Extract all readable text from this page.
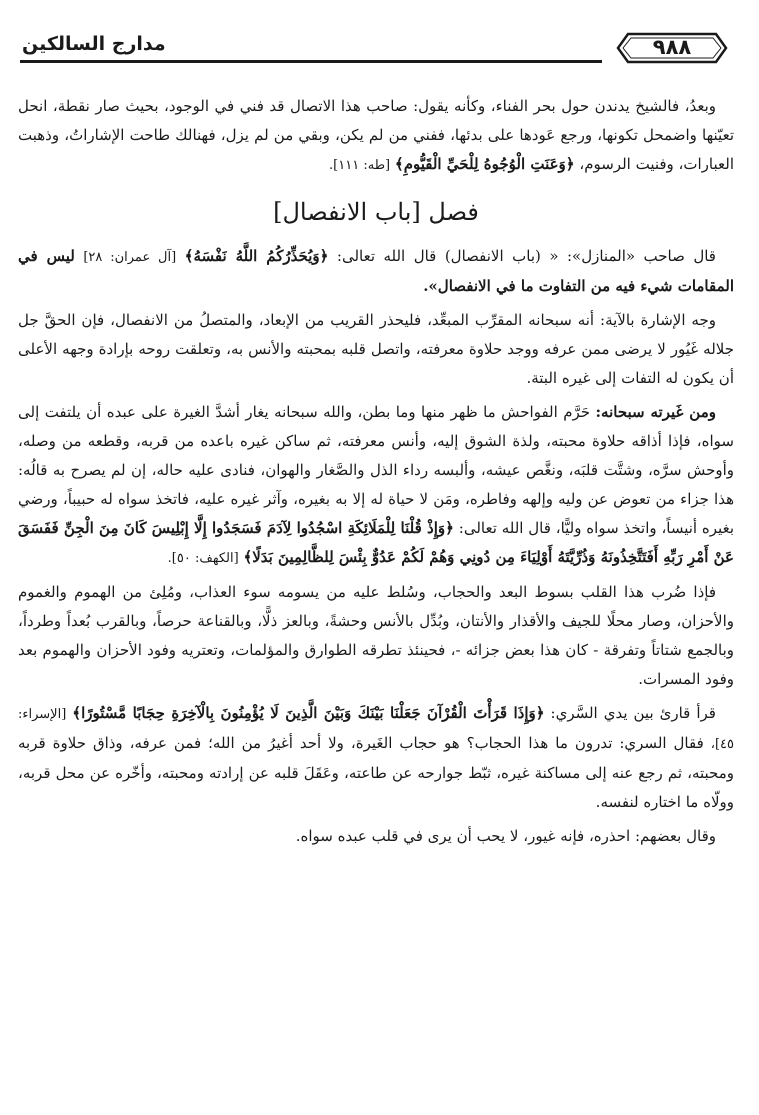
مدارج السالكين	٩٨٨

وبعدُ، فالشيخ يدندن حول بحر الفناء، وكأنه يقول: صاحب هذا الاتصال قد فني في الوجود، بحيث صار نقطة، انحل تعيّنها واضمحل تكونها، ورجع عَودها على بدئها، ففني من لم يكن، وبقي من لم يزل، فهنالك طاحت الإشاراتُ، وذهبت العبارات، وفنيت الرسوم، ﴿وَعَنَتِ الْوُجُوهُ لِلْحَيِّ الْقَيُّومِ﴾ [طه: ١١١].

فصل [باب الانفصال]

قال صاحب «المنازل»: « (باب الانفصال) قال الله تعالى: ﴿وَيُحَذِّرُكُمُ اللَّهُ نَفْسَهُ﴾ [آل عمران: ٢٨] ليس في المقامات شيء فيه من التفاوت ما في الانفصال».

وجه الإشارة بالآية: أنه سبحانه المقرِّب المبعِّد، فليحذر القريب من الإبعاد، والمتصلُ من الانفصال، فإن الحقَّ جل جلاله غَيُور لا يرضى ممن عرفه ووجد حلاوة معرفته، واتصل قلبه بمحبته والأنس به، وتعلقت روحه بإرادة وجهه الأعلى أن يكون له التفات إلى غيره البتة.

ومن غَيرته سبحانه: حَرَّم الفواحش ما ظهر منها وما بطن، والله سبحانه يغار أشدَّ الغيرة على عبده أن يلتفت إلى سواه، فإذا أذاقه حلاوة محبته، ولذة الشوق إليه، وأنس معرفته، ثم ساكن غيره باعده من قربه، وقطعه من وصله، وأوحش سرَّه، وشتَّت قلبَه، ونغَّص عيشه، وألبسه رداء الذل والصَّغار والهوان، فنادى عليه حاله، إن لم يصرح به قالُه: هذا جزاء من تعوض عن وليه وإلهه وفاطره، ومَن لا حياة له إلا به بغيره، وآثر غيره عليه، فاتخذ سواه له حبيباً، ورضي بغيره أنيساً، واتخذ سواه وليًّا، قال الله تعالى: ﴿وَإِذْ قُلْنَا لِلْمَلَائِكَةِ اسْجُدُوا لِآدَمَ فَسَجَدُوا إِلَّا إِبْلِيسَ كَانَ مِنَ الْجِنِّ فَفَسَقَ عَنْ أَمْرِ رَبِّهِ أَفَتَتَّخِذُونَهُ وَذُرِّيَّتَهُ أَوْلِيَاءَ مِن دُونِي وَهُمْ لَكُمْ عَدُوٌّ بِئْسَ لِلظَّالِمِينَ بَدَلًا﴾ [الكهف: ٥٠].

فإذا ضُرب هذا القلب بسوط البعد والحجاب، وسُلط عليه من يسومه سوء العذاب، ومُلِئ من الهموم والغموم والأحزان، وصار محلًا للجيف والأقذار والأنتان، وبُدِّل بالأنس وحشةً، وبالعز ذلًّا، وبالقناعة حرصاً، وبالقرب بُعداً وطرداً، وبالجمع شتاتاً وتفرقة - كان هذا بعض جزائه -، فحينئذ تطرقه الطوارق والمؤلمات، وتعتريه وفود الأحزان والهموم بعد وفود المسرات.

قرأ قارئ بين يدي السَّري: ﴿وَإِذَا قَرَأْتَ الْقُرْآنَ جَعَلْنَا بَيْنَكَ وَبَيْنَ الَّذِينَ لَا يُؤْمِنُونَ بِالْآخِرَةِ حِجَابًا مَّسْتُورًا﴾ [الإسراء: ٤٥]، فقال السري: تدرون ما هذا الحجاب؟ هو حجاب الغَيرة، ولا أحد أغيرُ من الله؛ فمن عرفه، وذاق حلاوة قربه ومحبته، ثم رجع عنه إلى مساكنة غيره، ثبّط جوارحه عن طاعته، وعَقَلَ قلبه عن إرادته ومحبته، وأخّره عن محل قربه، وولّاه ما اختاره لنفسه.

وقال بعضهم: احذره، فإنه غيور، لا يحب أن يرى في قلب عبده سواه.
